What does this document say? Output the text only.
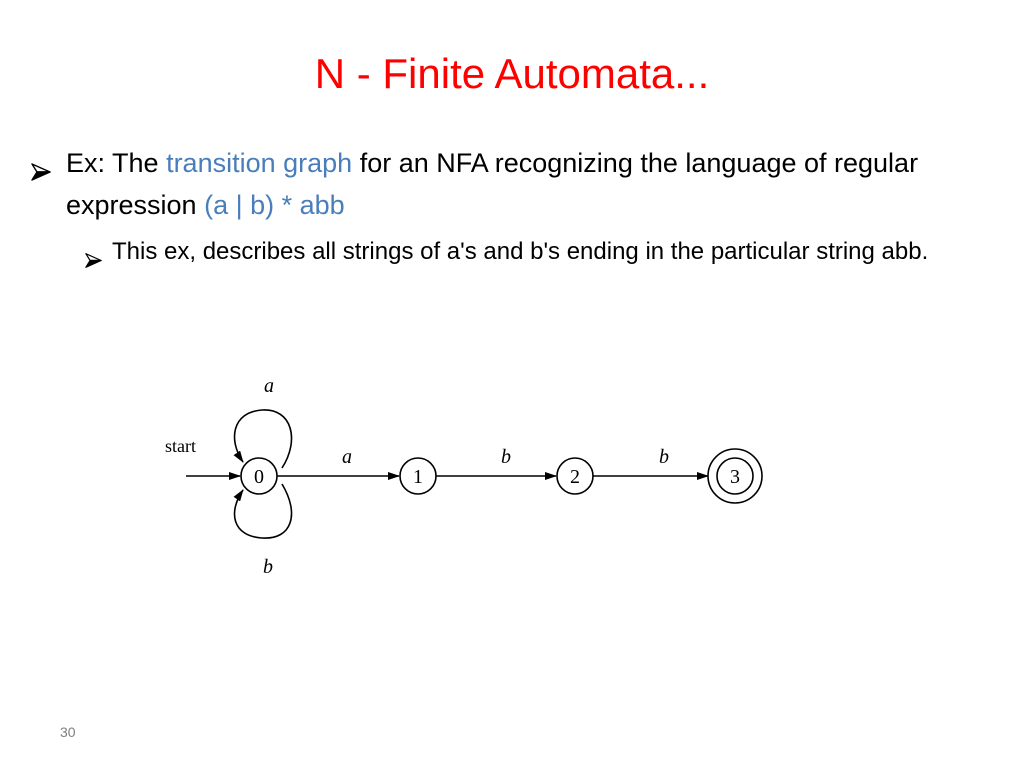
N - Finite Automata...
Ex: The transition graph for an NFA recognizing the language of regular expression (a | b) * abb
This ex, describes all strings of a's and b's ending in the particular string abb.
start
a
b
0
a
1
b
2
b
3
30
